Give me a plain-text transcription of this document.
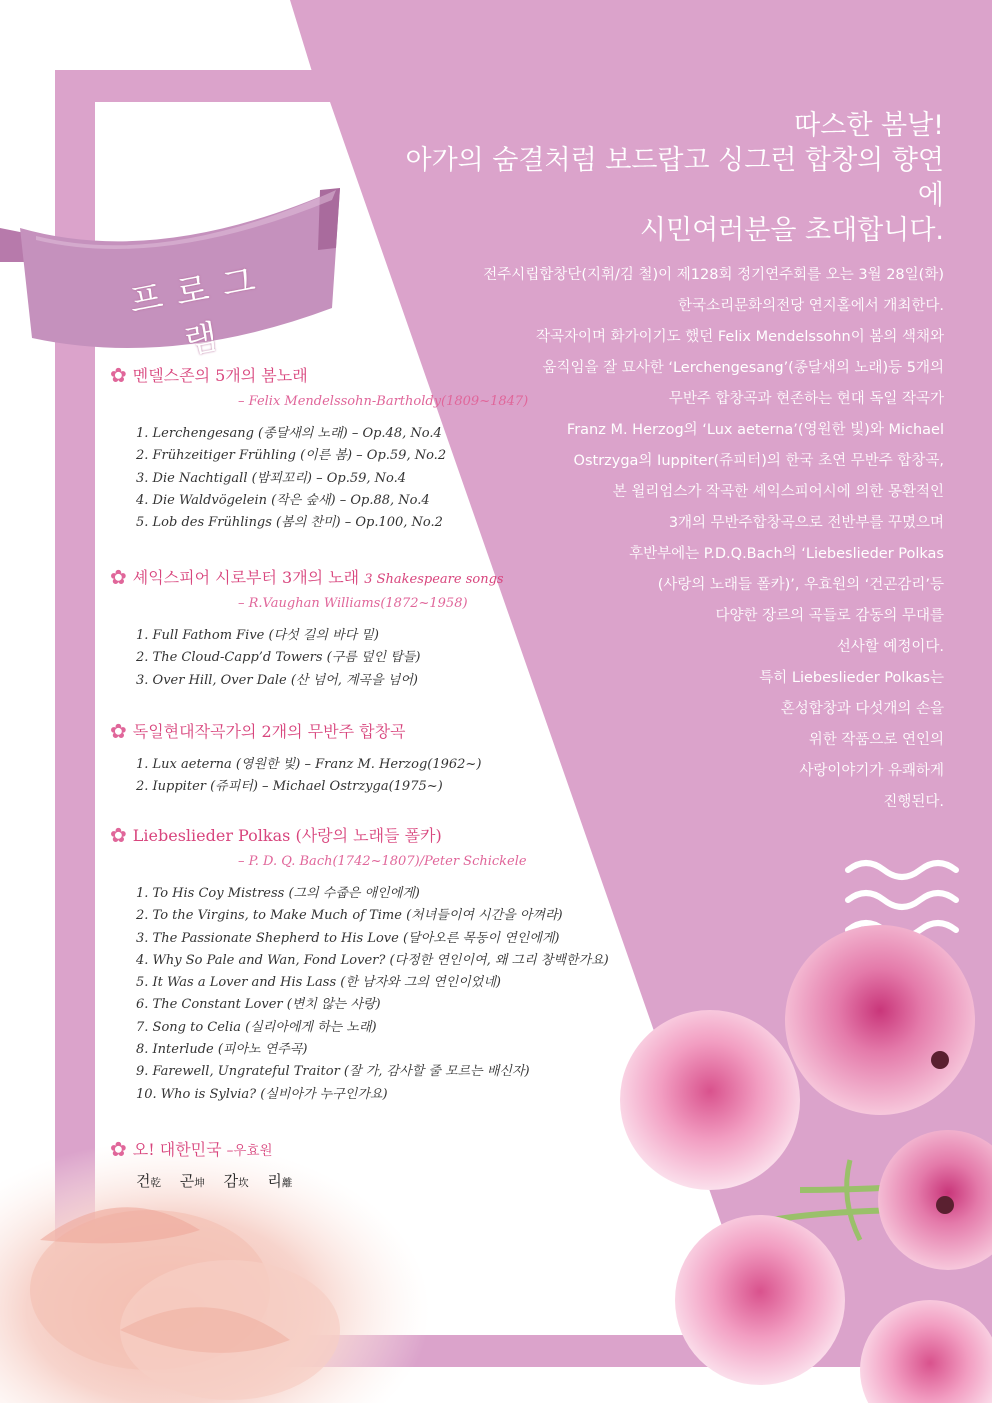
프로그램
따스한 봄날!
아가의 숨결처럼 보드랍고 싱그런 합창의 향연에
시민여러분을 초대합니다.

전주시립합창단(지휘/김 철)이 제128회 정기연주회를 오는 3월 28일(화)
한국소리문화의전당 연지홀에서 개최한다.
작곡자이며 화가이기도 했던 Felix Mendelssohn이 봄의 색채와
움직임을 잘 묘사한 ‘Lerchengesang’(종달새의 노래)등 5개의
무반주 합창곡과 현존하는 현대 독일 작곡가
Franz M. Herzog의 ‘Lux aeterna’(영원한 빛)와 Michael
Ostrzyga의 Iuppiter(쥬피터)의 한국 초연 무반주 합창곡,
본 윌리엄스가 작곡한 셰익스피어시에 의한 몽환적인
3개의 무반주합창곡으로 전반부를 꾸몄으며
후반부에는 P.D.Q.Bach의 ‘Liebeslieder Polkas
(사랑의 노래들 폴카)’, 우효원의 ‘건곤감리’등
다양한 장르의 곡들로 감동의 무대를
선사할 예정이다.
특히 Liebeslieder Polkas는
혼성합창과 다섯개의 손을
위한 작품으로 연인의
사랑이야기가 유쾌하게
진행된다.

✿ 멘델스존의 5개의 봄노래

– Felix Mendelssohn-Bartholdy(1809~1847)

1. Lerchengesang (종달새의 노래) – Op.48, No.4
2. Frühzeitiger Frühling (이른 봄) – Op.59, No.2
3. Die Nachtigall (밤꾀꼬리) – Op.59, No.4
4. Die Waldvögelein (작은 숲새) – Op.88, No.4
5. Lob des Frühlings (봄의 찬미) – Op.100, No.2

✿ 셰익스피어 시로부터 3개의 노래 3 Shakespeare songs

– R.Vaughan Williams(1872~1958)

1. Full Fathom Five (다섯 길의 바다 밑)
2. The Cloud-Capp’d Towers (구름 덮인 탑들)
3. Over Hill, Over Dale (산 넘어, 계곡을 넘어)

✿ 독일현대작곡가의 2개의 무반주 합창곡

1. Lux aeterna (영원한 빛) – Franz M. Herzog(1962~)
2. Iuppiter (쥬피터) – Michael Ostrzyga(1975~)

✿ Liebeslieder Polkas (사랑의 노래들 폴카)

– P. D. Q. Bach(1742~1807)/Peter Schickele

1. To His Coy Mistress (그의 수줍은 애인에게)
2. To the Virgins, to Make Much of Time (처녀들이여 시간을 아껴라)
3. The Passionate Shepherd to His Love (달아오른 목동이 연인에게)
4. Why So Pale and Wan, Fond Lover? (다정한 연인이여, 왜 그리 창백한가요)
5. It Was a Lover and His Lass (한 남자와 그의 연인이었네)
6. The Constant Lover (변치 않는 사랑)
7. Song to Celia (실리아에게 하는 노래)
8. Interlude (피아노 연주곡)
9. Farewell, Ungrateful Traitor (잘 가, 감사할 줄 모르는 배신자)
10. Who is Sylvia? (실비아가 누구인가요)

✿ 오! 대한민국 –우효원

건乾 곤坤 감坎 리離
